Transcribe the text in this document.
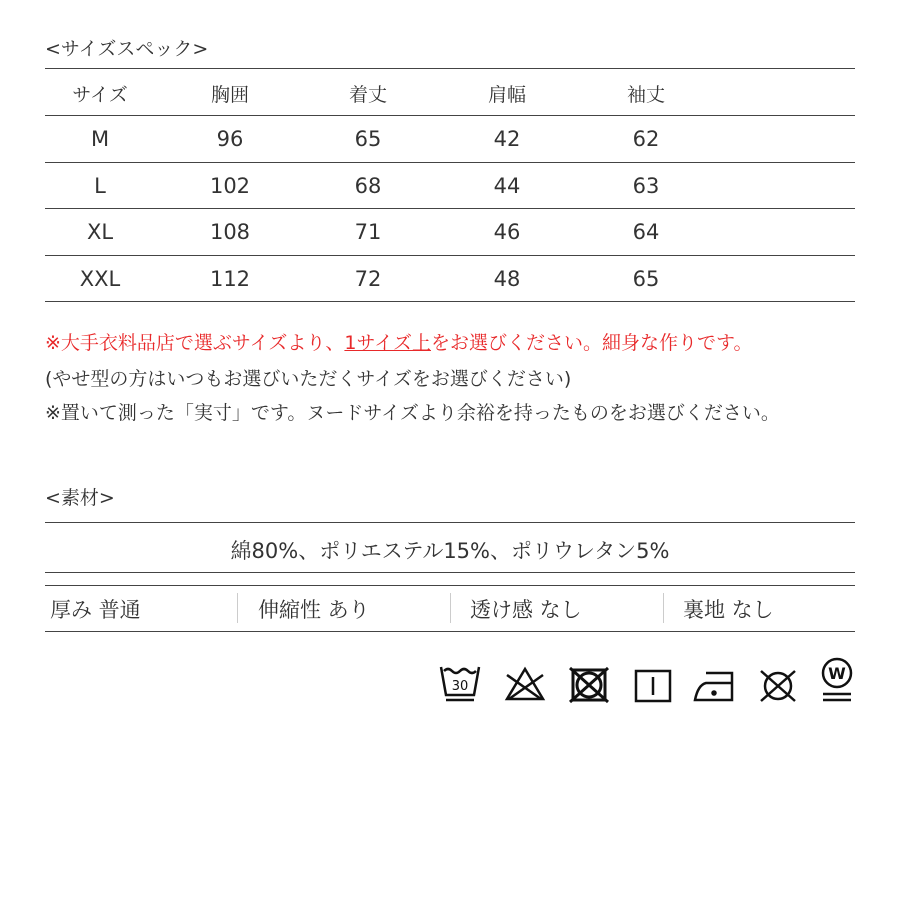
<サイズスペック>
サイズ	胸囲	着丈	肩幅	袖丈
M	96	65	42	62
L	102	68	44	63
XL	108	71	46	64
XXL	112	72	48	65
※大手衣料品店で選ぶサイズより、1サイズ上をお選びください。細身な作りです。
(やせ型の方はいつもお選びいただくサイズをお選びください)
※置いて測った「実寸」です。ヌードサイズより余裕を持ったものをお選びください。
<素材>
綿80%、ポリエステル15%、ポリウレタン5%
厚み 普通	伸縮性 あり	透け感 なし	裏地 なし
30
W
